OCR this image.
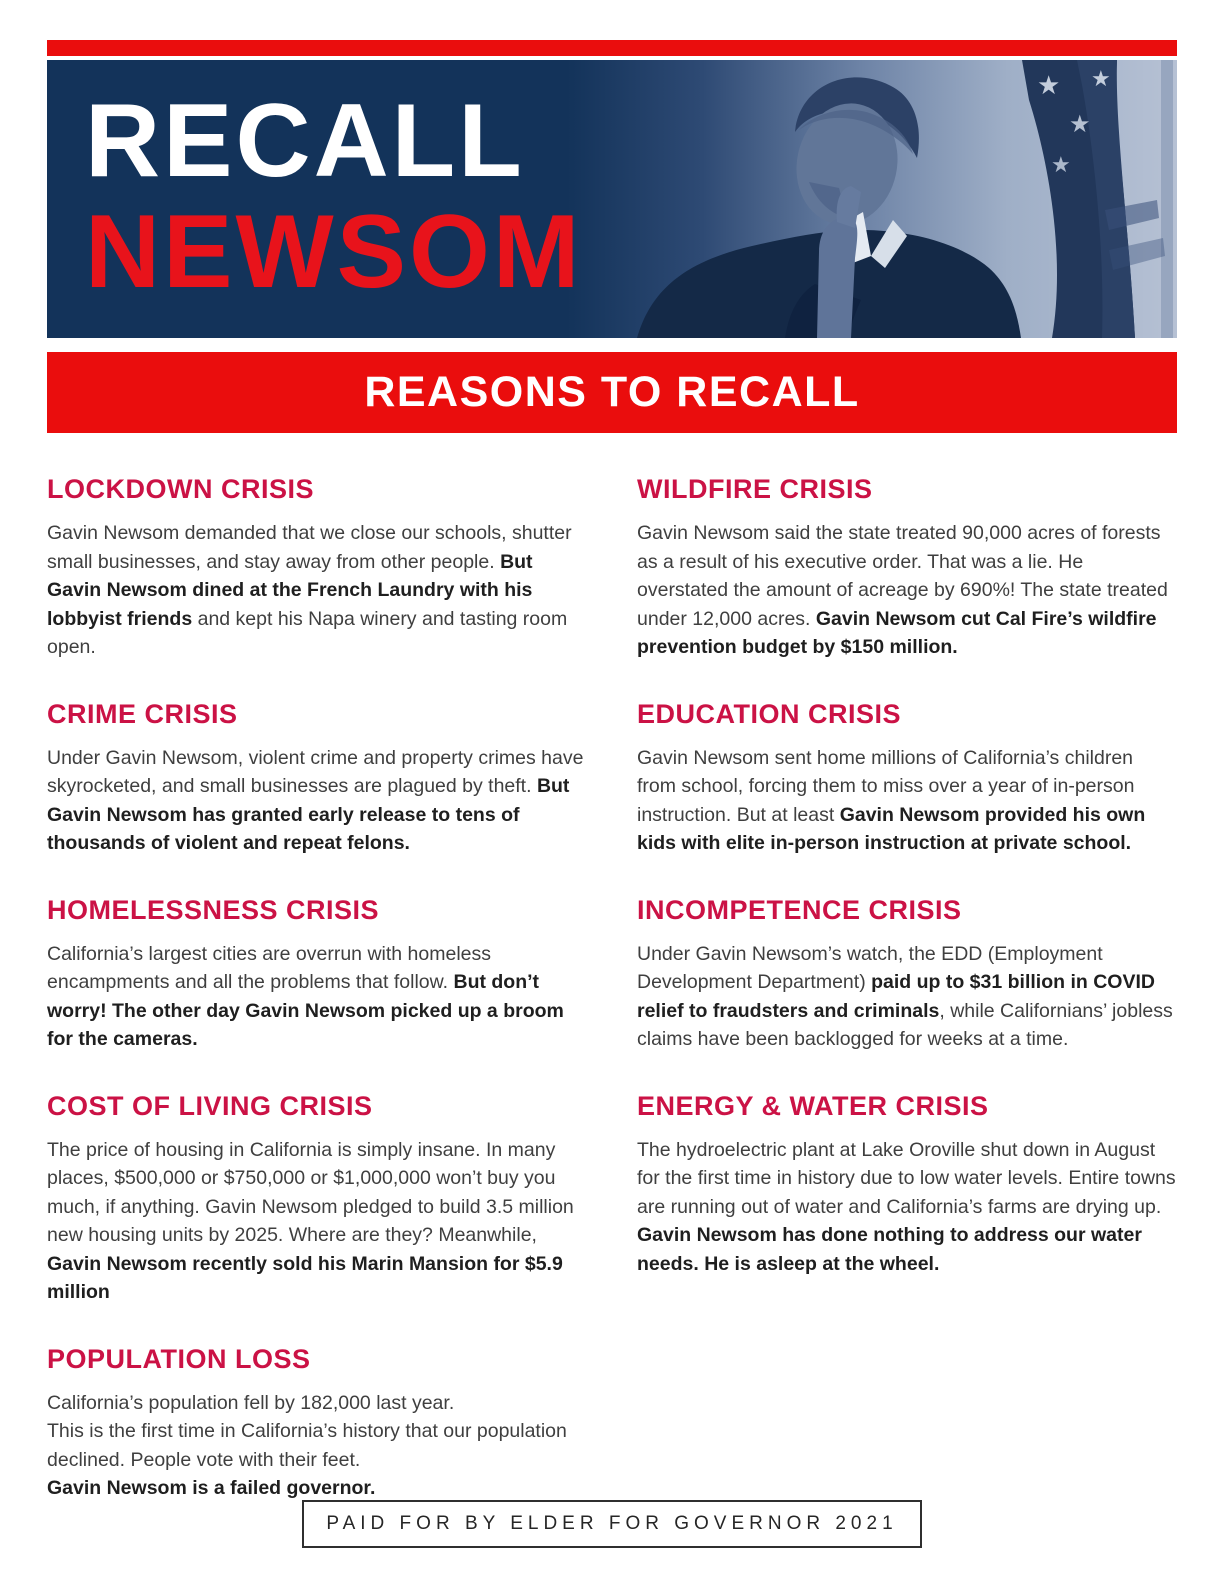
RECALL
NEWSOM
★
★
★
★
REASONS TO RECALL
LOCKDOWN CRISIS

Gavin Newsom demanded that we close our schools, shutter small businesses, and stay away from other people. But Gavin Newsom dined at the French Laundry with his lobbyist friends and kept his Napa winery and tasting room open.

CRIME CRISIS

Under Gavin Newsom, violent crime and property crimes have skyrocketed, and small businesses are plagued by theft. But Gavin Newsom has granted early release to tens of thousands of violent and repeat felons.

HOMELESSNESS CRISIS

California’s largest cities are overrun with homeless encampments and all the problems that follow. But don’t worry! The other day Gavin Newsom picked up a broom for the cameras.

COST OF LIVING CRISIS

The price of housing in California is simply insane. In many places, $500,000 or $750,000 or $1,000,000 won’t buy you much, if anything. Gavin Newsom pledged to build 3.5 million new housing units by 2025. Where are they? Meanwhile, Gavin Newsom recently sold his Marin Mansion for $5.9 million

POPULATION LOSS

California’s population fell by 182,000 last year.
This is the first time in California’s history that our population declined. People vote with their feet.
Gavin Newsom is a failed governor.

WILDFIRE CRISIS

Gavin Newsom said the state treated 90,000 acres of forests as a result of his executive order. That was a lie. He overstated the amount of acreage by 690%! The state treated under 12,000 acres. Gavin Newsom cut Cal Fire’s wildfire prevention budget by $150 million.

EDUCATION CRISIS

Gavin Newsom sent home millions of California’s children from school, forcing them to miss over a year of in-person instruction. But at least Gavin Newsom provided his own kids with elite in-person instruction at private school.

INCOMPETENCE CRISIS

Under Gavin Newsom’s watch, the EDD (Employment Development Department) paid up to $31 billion in COVID relief to fraudsters and criminals, while Californians’ jobless claims have been backlogged for weeks at a time.

ENERGY & WATER CRISIS

The hydroelectric plant at Lake Oroville shut down in August for the first time in history due to low water levels. Entire towns are running out of water and California’s farms are drying up. Gavin Newsom has done nothing to address our water needs. He is asleep at the wheel.

PAID FOR BY ELDER FOR GOVERNOR 2021
